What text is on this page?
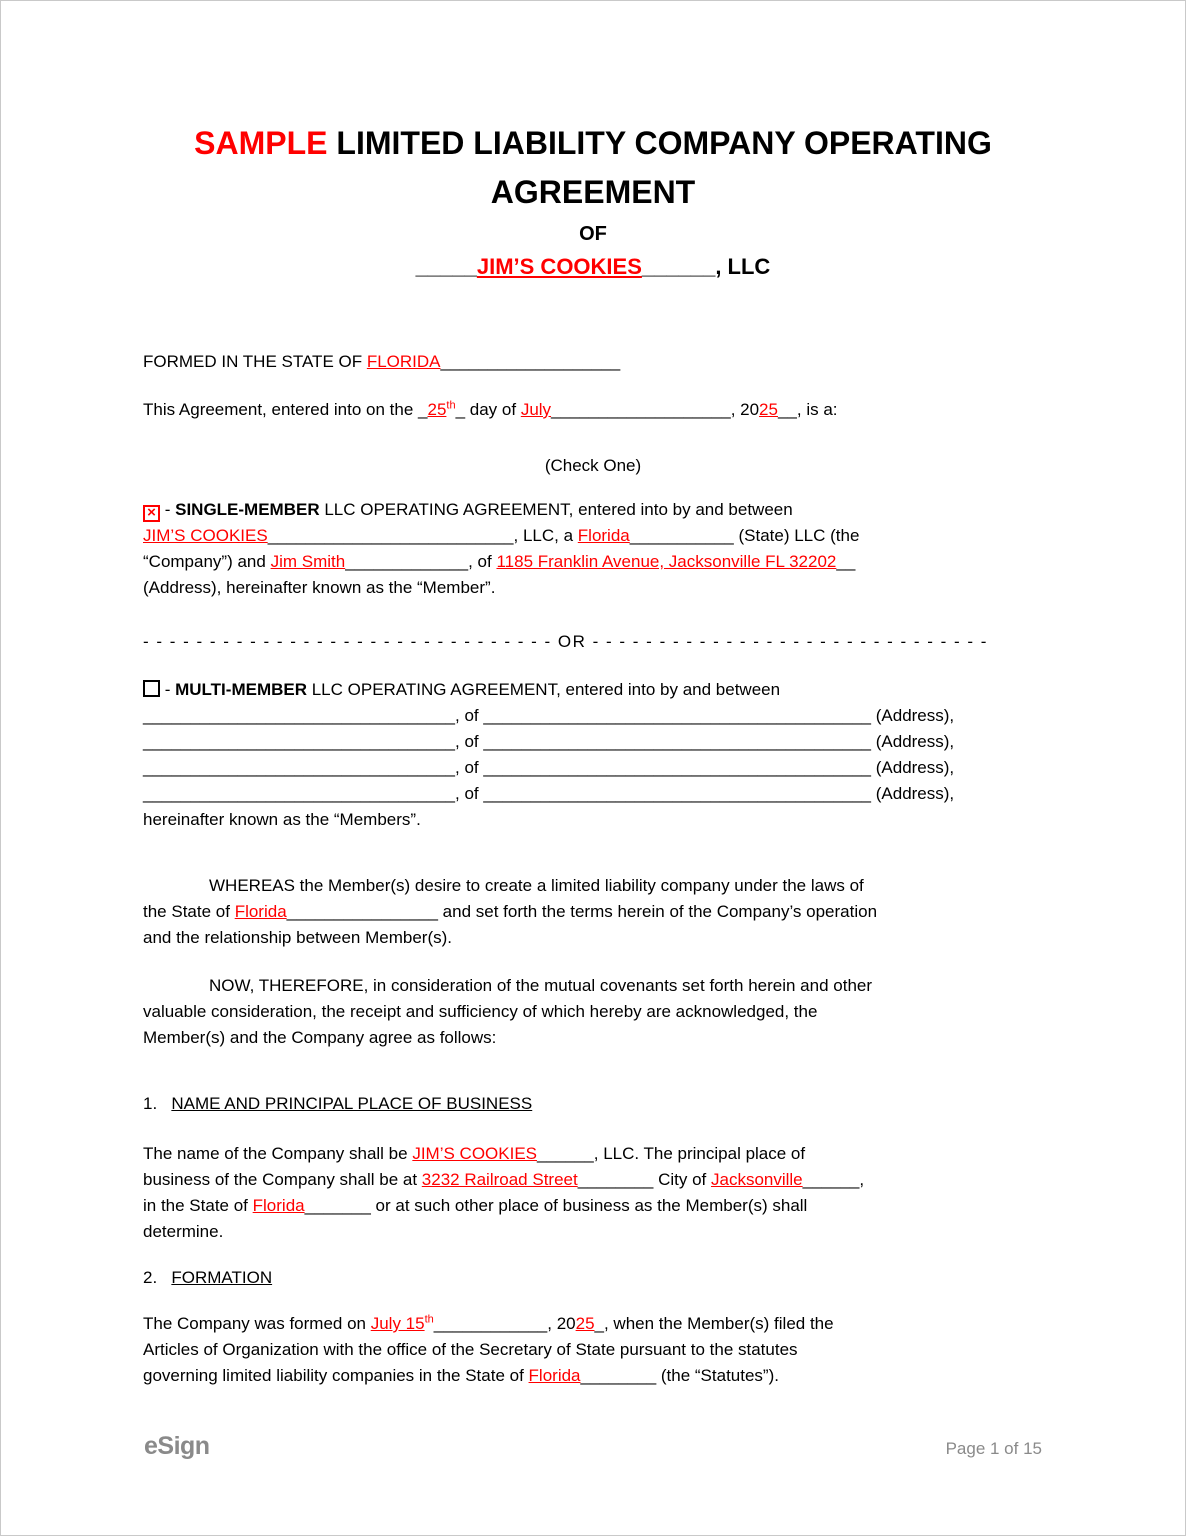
SAMPLE LIMITED LIABILITY COMPANY OPERATING
AGREEMENT
OF
_____JIM’S COOKIES______, LLC
FORMED IN THE STATE OF FLORIDA___________________
This Agreement, entered into on the _25th_ day of July___________________, 2025__, is a:
(Check One)
× - SINGLE-MEMBER LLC OPERATING AGREEMENT, entered into by and between
JIM’S COOKIES__________________________, LLC, a Florida___________ (State) LLC (the
“Company”) and Jim Smith_____________, of 1185 Franklin Avenue, Jacksonville FL 32202__
(Address), hereinafter known as the “Member”.
- - - - - - - - - - - - - - - - - - - - - - - - - - - - - - - OR - - - - - - - - - - - - - - - - - - - - - - - - - - - - - -
- MULTI-MEMBER LLC OPERATING AGREEMENT, entered into by and between
_________________________________, of _________________________________________ (Address),
_________________________________, of _________________________________________ (Address),
_________________________________, of _________________________________________ (Address),
_________________________________, of _________________________________________ (Address),
hereinafter known as the “Members”.
WHEREAS the Member(s) desire to create a limited liability company under the laws of
the State of Florida________________ and set forth the terms herein of the Company’s operation
and the relationship between Member(s).
NOW, THEREFORE, in consideration of the mutual covenants set forth herein and other
valuable consideration, the receipt and sufficiency of which hereby are acknowledged, the
Member(s) and the Company agree as follows:
1.   NAME AND PRINCIPAL PLACE OF BUSINESS
The name of the Company shall be JIM’S COOKIES______, LLC. The principal place of
business of the Company shall be at 3232 Railroad Street________ City of Jacksonville______,
in the State of Florida_______ or at such other place of business as the Member(s) shall
determine.
2.   FORMATION
The Company was formed on July 15th____________, 2025_, when the Member(s) filed the
Articles of Organization with the office of the Secretary of State pursuant to the statutes
governing limited liability companies in the State of Florida________ (the “Statutes”).
eSign	Page 1 of 15
